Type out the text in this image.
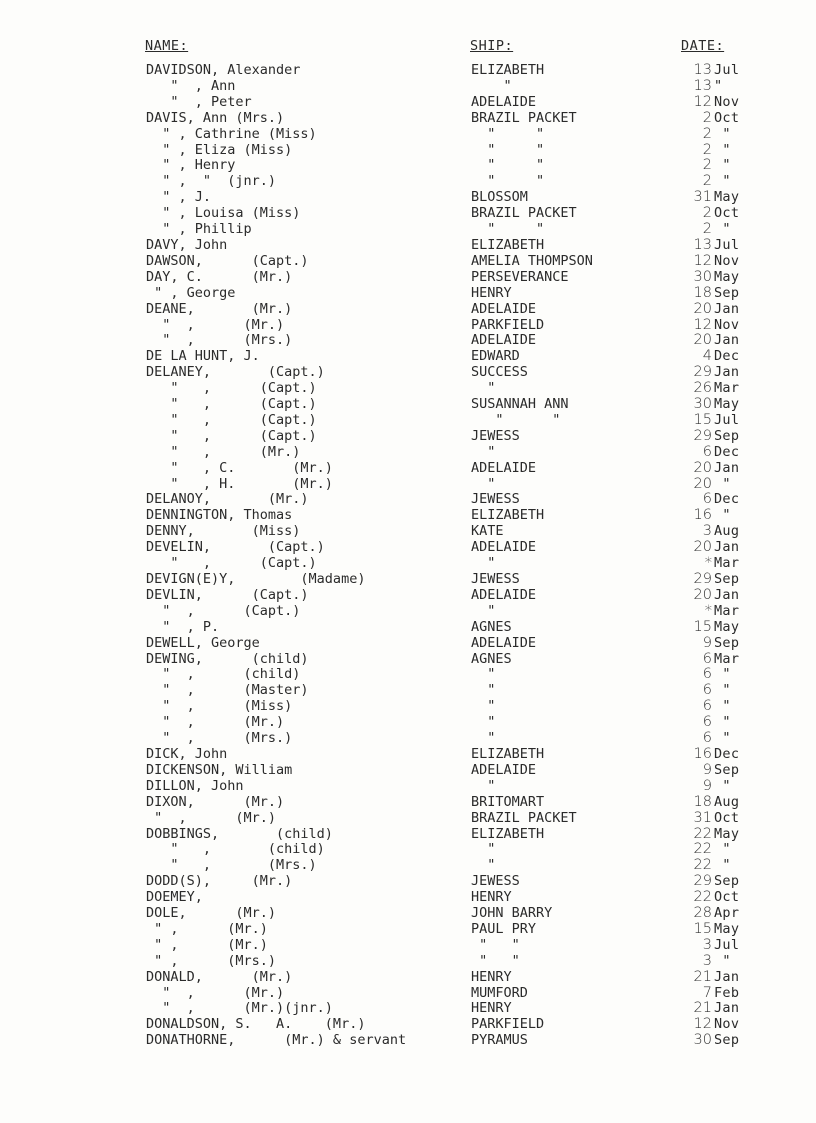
NAME:	SHIP:	DATE:
DAVIDSON, Alexander	ELIZABETH	13 Jul
"  , Ann	"	13 "
"  , Peter	ADELAIDE	12 Nov
DAVIS, Ann (Mrs.)	BRAZIL PACKET	2 Oct
" , Cathrine (Miss)	"     "	2 "
" , Eliza (Miss)	"     "	2 "
" , Henry	"     "	2 "
" ,  "  (jnr.)	"     "	2 "
" , J.	BLOSSOM	31 May
" , Louisa (Miss)	BRAZIL PACKET	2 Oct
" , Phillip	"     "	2 "
DAVY, John	ELIZABETH	13 Jul
DAWSON,      (Capt.)	AMELIA THOMPSON	12 Nov
DAY, C.      (Mr.)	PERSEVERANCE	30 May
" , George	HENRY	18 Sep
DEANE,       (Mr.)	ADELAIDE	20 Jan
"  ,      (Mr.)	PARKFIELD	12 Nov
"  ,      (Mrs.)	ADELAIDE	20 Jan
DE LA HUNT, J.	EDWARD	4 Dec
DELANEY,       (Capt.)	SUCCESS	29 Jan
"   ,      (Capt.)	"	26 Mar
"   ,      (Capt.)	SUSANNAH ANN	30 May
"   ,      (Capt.)	"      "	15 Jul
"   ,      (Capt.)	JEWESS	29 Sep
"   ,      (Mr.)	"	6 Dec
"   , C.       (Mr.)	ADELAIDE	20 Jan
"   , H.       (Mr.)	"	20 "
DELANOY,       (Mr.)	JEWESS	6 Dec
DENNINGTON, Thomas	ELIZABETH	16 "
DENNY,       (Miss)	KATE	3 Aug
DEVELIN,       (Capt.)	ADELAIDE	20 Jan
"   ,      (Capt.)	"	* Mar
DEVIGN(E)Y,        (Madame)	JEWESS	29 Sep
DEVLIN,      (Capt.)	ADELAIDE	20 Jan
"  ,      (Capt.)	"	* Mar
"  , P.	AGNES	15 May
DEWELL, George	ADELAIDE	9 Sep
DEWING,      (child)	AGNES	6 Mar
"  ,      (child)	"	6 "
"  ,      (Master)	"	6 "
"  ,      (Miss)	"	6 "
"  ,      (Mr.)	"	6 "
"  ,      (Mrs.)	"	6 "
DICK, John	ELIZABETH	16 Dec
DICKENSON, William	ADELAIDE	9 Sep
DILLON, John	"	9 "
DIXON,      (Mr.)	BRITOMART	18 Aug
"  ,      (Mr.)	BRAZIL PACKET	31 Oct
DOBBINGS,       (child)	ELIZABETH	22 May
"   ,       (child)	"	22 "
"   ,       (Mrs.)	"	22 "
DODD(S),     (Mr.)	JEWESS	29 Sep
DOEMEY,	HENRY	22 Oct
DOLE,      (Mr.)	JOHN BARRY	28 Apr
" ,      (Mr.)	PAUL PRY	15 May
" ,      (Mr.)	"   "	3 Jul
" ,      (Mrs.)	"   "	3 "
DONALD,      (Mr.)	HENRY	21 Jan
"  ,      (Mr.)	MUMFORD	7 Feb
"  ,      (Mr.)(jnr.)	HENRY	21 Jan
DONALDSON, S.   A.    (Mr.)	PARKFIELD	12 Nov
DONATHORNE,      (Mr.) & servant	PYRAMUS	30 Sep
